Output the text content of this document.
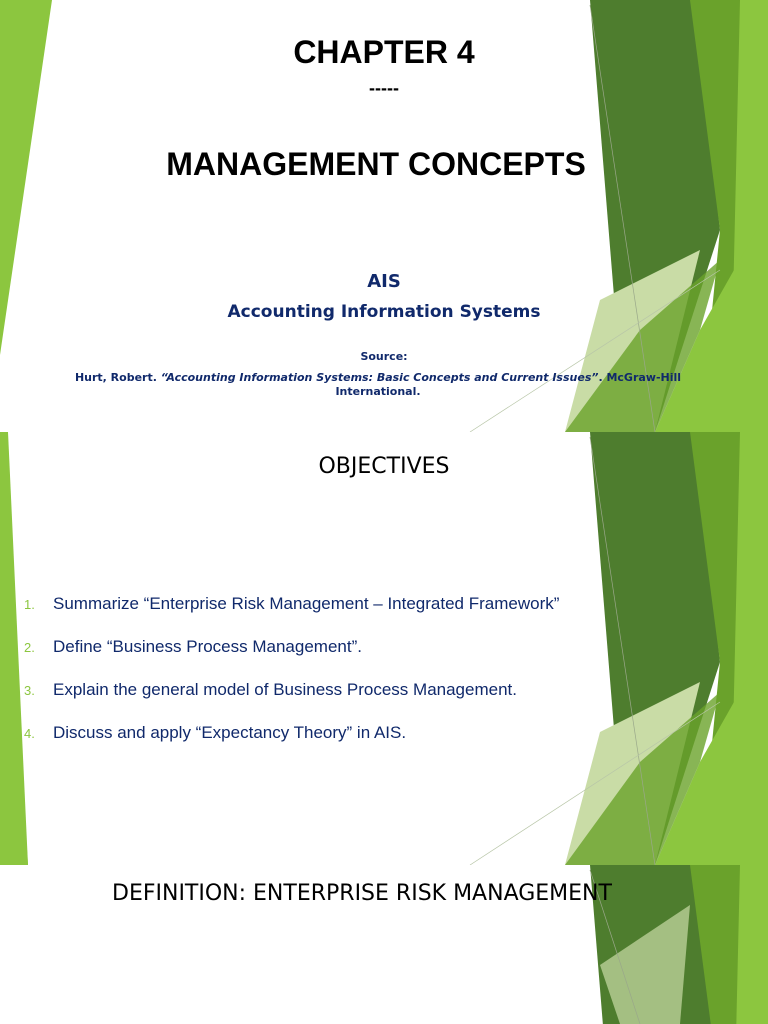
CHAPTER 4
-----
MANAGEMENT CONCEPTS
AIS
Accounting Information Systems
Source:
Hurt, Robert. “Accounting Information Systems: Basic Concepts and Current Issues”. McGraw-Hill International.
OBJECTIVES
1.	Summarize “Enterprise Risk Management – Integrated Framework”
2.	Define “Business Process Management”.
3.	Explain the general model of Business Process Management.
4.	Discuss and apply “Expectancy Theory” in AIS.
DEFINITION: ENTERPRISE RISK MANAGEMENT
